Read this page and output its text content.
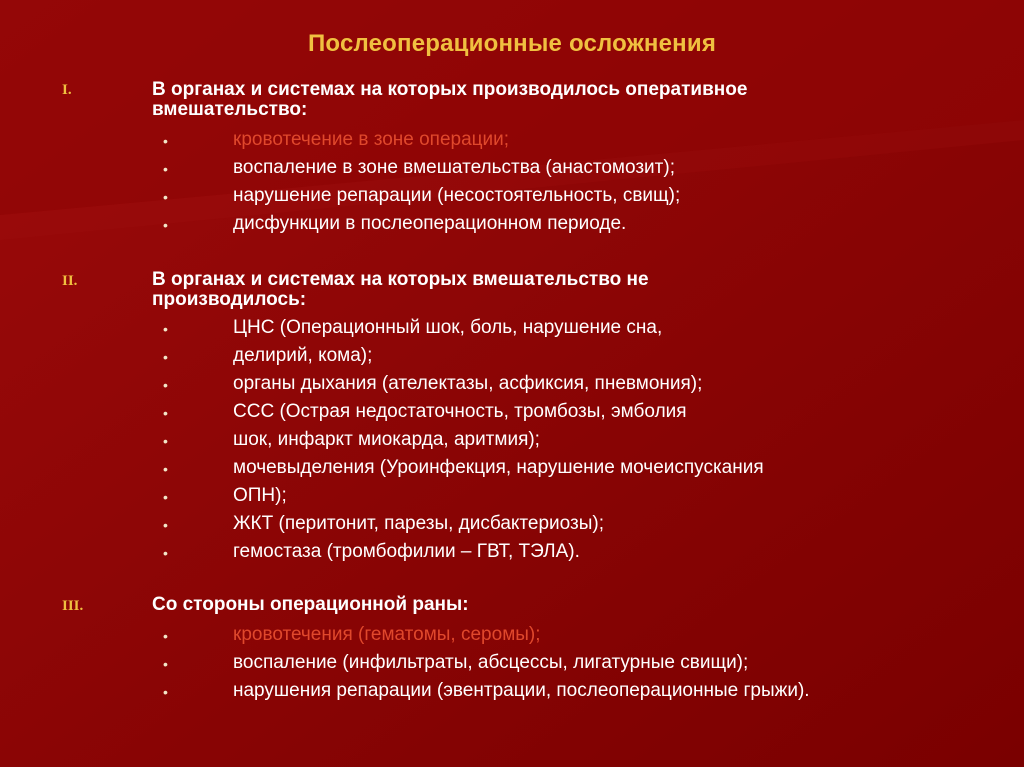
Послеоперационные осложнения
I.	В органах и системах на которых производилось оперативное
вмешательство:
•	кровотечение в зоне операции;
•	воспаление в зоне вмешательства (анастомозит);
•	нарушение репарации (несостоятельность, свищ);
•	дисфункции в послеоперационном периоде.
II.	В органах и системах на которых вмешательство не
производилось:
•	ЦНС (Операционный шок, боль, нарушение сна,
•	делирий, кома);
•	органы дыхания (ателектазы, асфиксия, пневмония);
•	ССС (Острая недостаточность, тромбозы, эмболия
•	шок, инфаркт миокарда, аритмия);
•	мочевыделения (Уроинфекция, нарушение мочеиспускания
•	ОПН);
•	ЖКТ (перитонит, парезы, дисбактериозы);
•	гемостаза (тромбофилии – ГВТ, ТЭЛА).
III.	Со стороны операционной раны:
•	кровотечения (гематомы, серомы);
•	воспаление (инфильтраты, абсцессы, лигатурные свищи);
•	нарушения репарации (эвентрации, послеоперационные грыжи).
